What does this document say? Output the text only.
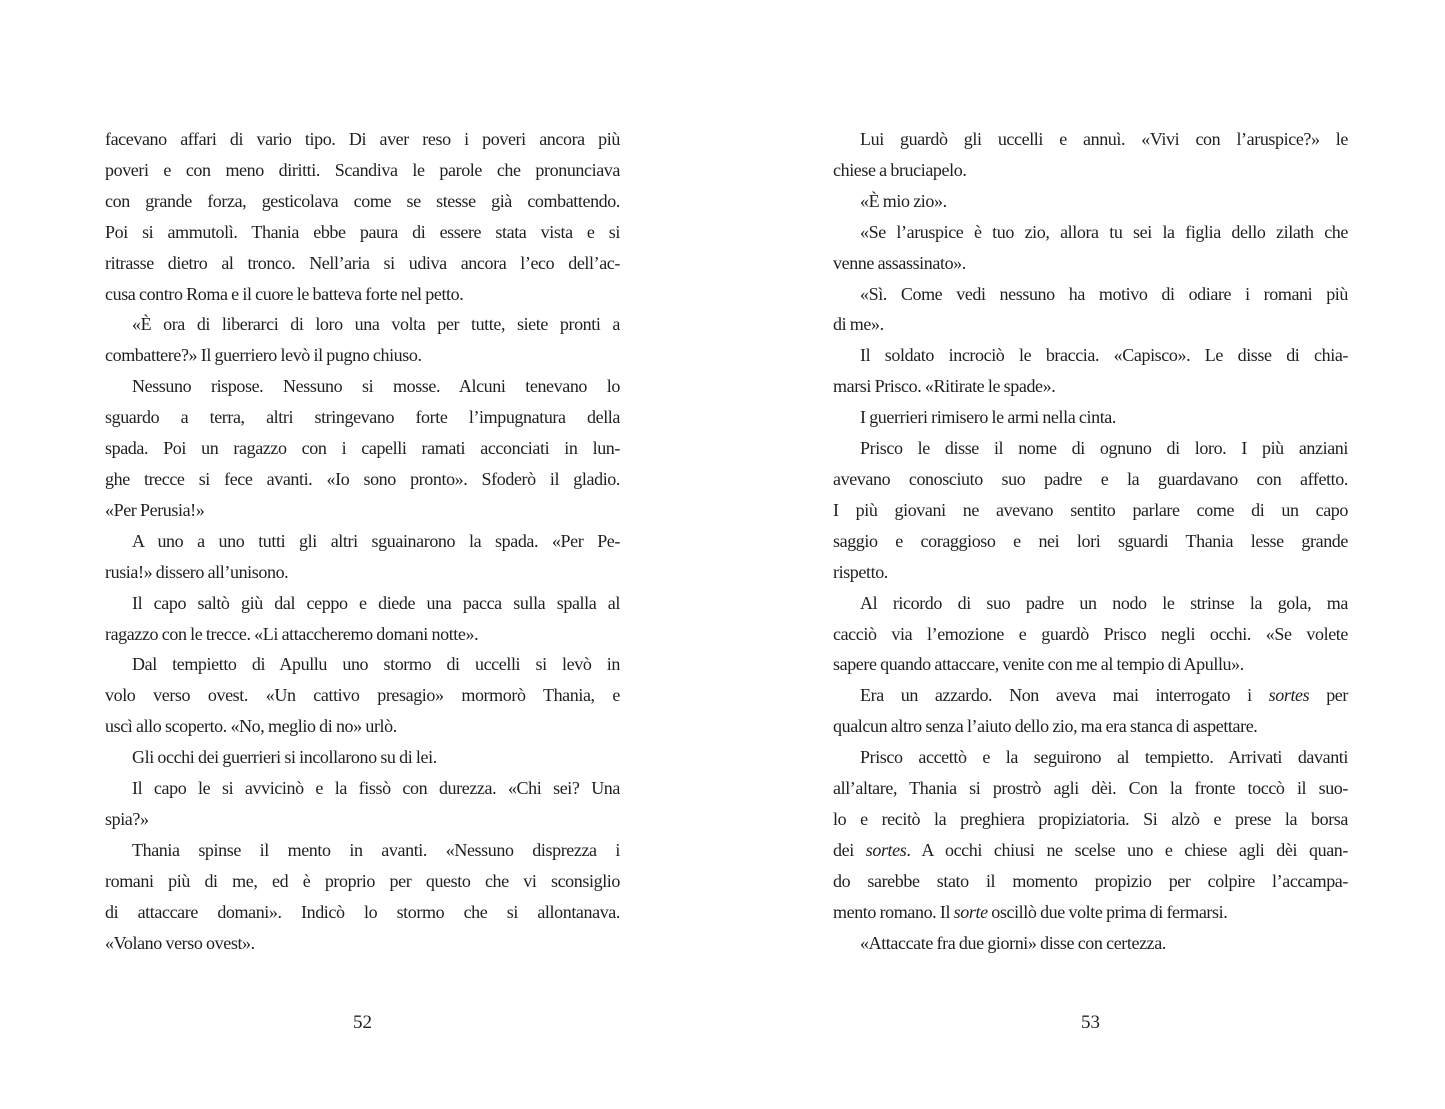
facevano affari di vario tipo. Di aver reso i poveri ancora più
poveri e con meno diritti. Scandiva le parole che pronunciava
con grande forza, gesticolava come se stesse già combattendo.
Poi si ammutolì. Thania ebbe paura di essere stata vista e si
ritrasse dietro al tronco. Nell’aria si udiva ancora l’eco dell’ac-
cusa contro Roma e il cuore le batteva forte nel petto.
«È ora di liberarci di loro una volta per tutte, siete pronti a
combattere?» Il guerriero levò il pugno chiuso.
Nessuno rispose. Nessuno si mosse. Alcuni tenevano lo
sguardo a terra, altri stringevano forte l’impugnatura della
spada. Poi un ragazzo con i capelli ramati acconciati in lun-
ghe trecce si fece avanti. «Io sono pronto». Sfoderò il gladio.
«Per Perusia!»
A uno a uno tutti gli altri sguainarono la spada. «Per Pe-
rusia!» dissero all’unisono.
Il capo saltò giù dal ceppo e diede una pacca sulla spalla al
ragazzo con le trecce. «Li attaccheremo domani notte».
Dal tempietto di Apullu uno stormo di uccelli si levò in
volo verso ovest. «Un cattivo presagio» mormorò Thania, e
uscì allo scoperto. «No, meglio di no» urlò.
Gli occhi dei guerrieri si incollarono su di lei.
Il capo le si avvicinò e la fissò con durezza. «Chi sei? Una
spia?»
Thania spinse il mento in avanti. «Nessuno disprezza i
romani più di me, ed è proprio per questo che vi sconsiglio
di attaccare domani». Indicò lo stormo che si allontanava.
«Volano verso ovest».
52
Lui guardò gli uccelli e annuì. «Vivi con l’aruspice?» le
chiese a bruciapelo.
«È mio zio».
«Se l’aruspice è tuo zio, allora tu sei la figlia dello zilath che
venne assassinato».
«Sì. Come vedi nessuno ha motivo di odiare i romani più
di me».
Il soldato incrociò le braccia. «Capisco». Le disse di chia-
marsi Prisco. «Ritirate le spade».
I guerrieri rimisero le armi nella cinta.
Prisco le disse il nome di ognuno di loro. I più anziani
avevano conosciuto suo padre e la guardavano con affetto.
I più giovani ne avevano sentito parlare come di un capo
saggio e coraggioso e nei lori sguardi Thania lesse grande
rispetto.
Al ricordo di suo padre un nodo le strinse la gola, ma
cacciò via l’emozione e guardò Prisco negli occhi. «Se volete
sapere quando attaccare, venite con me al tempio di Apullu».
Era un azzardo. Non aveva mai interrogato i sortes per
qualcun altro senza l’aiuto dello zio, ma era stanca di aspettare.
Prisco accettò e la seguirono al tempietto. Arrivati davanti
all’altare, Thania si prostrò agli dèi. Con la fronte toccò il suo-
lo e recitò la preghiera propiziatoria. Si alzò e prese la borsa
dei sortes. A occhi chiusi ne scelse uno e chiese agli dèi quan-
do sarebbe stato il momento propizio per colpire l’accampa-
mento romano. Il sorte oscillò due volte prima di fermarsi.
«Attaccate fra due giorni» disse con certezza.
53
